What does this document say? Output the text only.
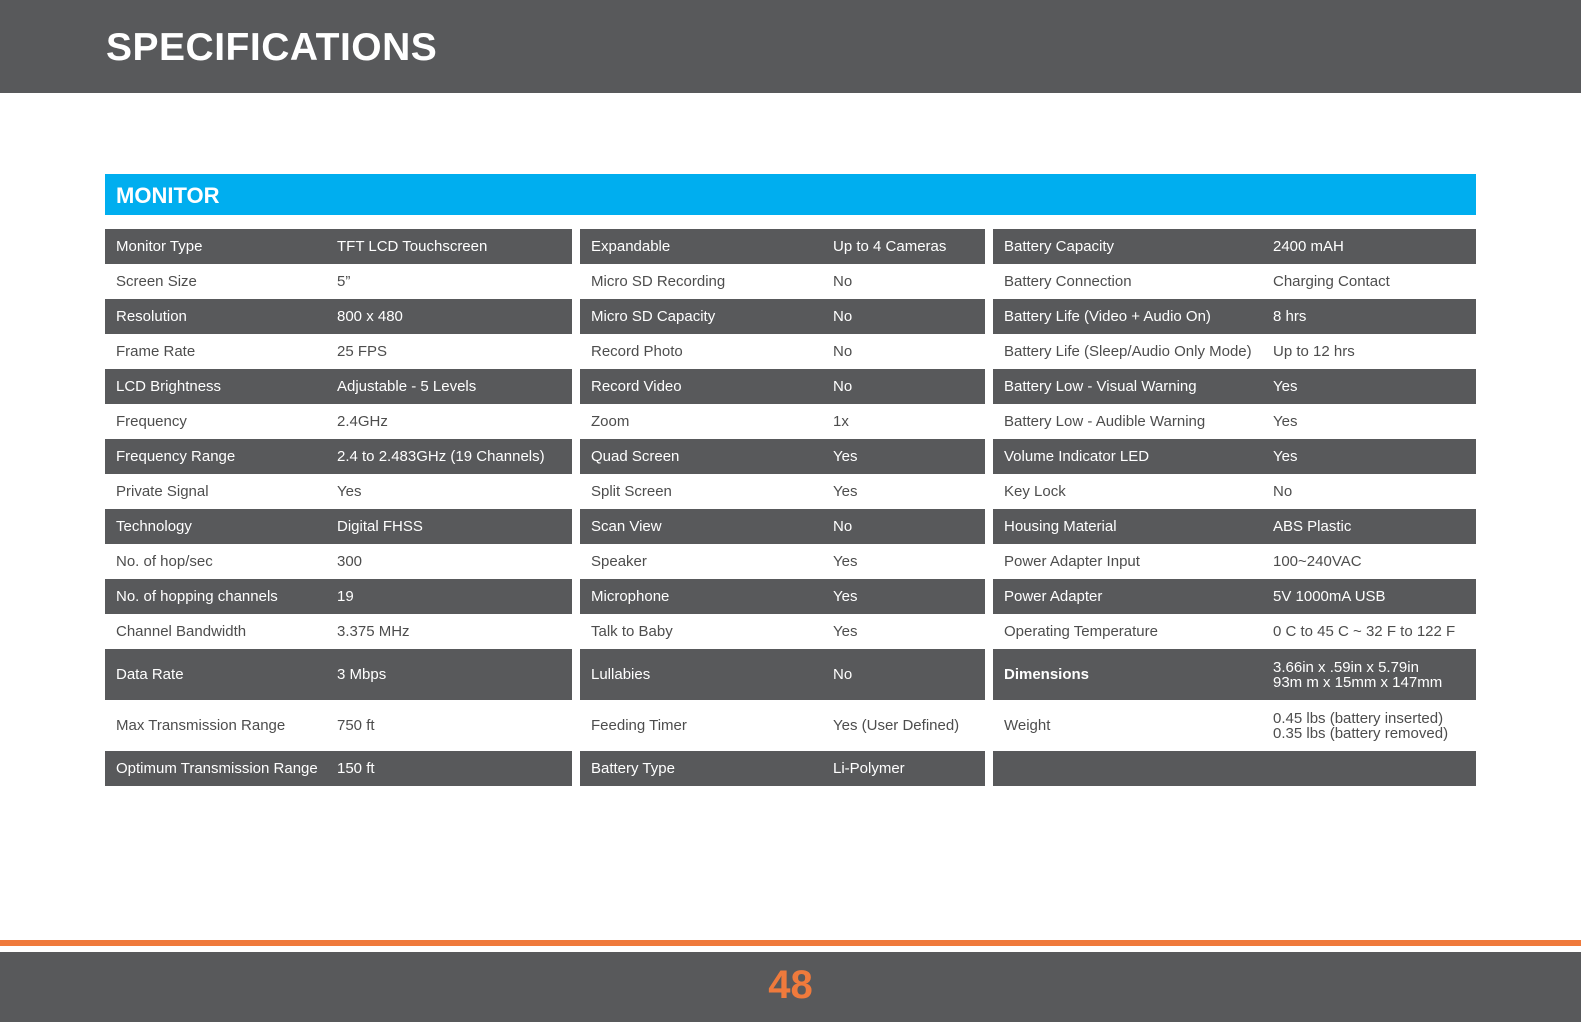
SPECIFICATIONS
MONITOR
Monitor Type	TFT LCD Touchscreen
Screen Size	5”
Resolution	800 x 480
Frame Rate	25 FPS
LCD Brightness	Adjustable - 5 Levels
Frequency	2.4GHz
Frequency Range	2.4 to 2.483GHz (19 Channels)
Private Signal	Yes
Technology	Digital FHSS
No. of hop/sec	300
No. of hopping channels	19
Channel Bandwidth	3.375 MHz
Data Rate	3 Mbps
Max Transmission Range	750 ft
Optimum Transmission Range 150 ft
Expandable	Up to 4 Cameras
Micro SD Recording	No
Micro SD Capacity	No
Record Photo	No
Record Video	No
Zoom	1x
Quad Screen	Yes
Split Screen	Yes
Scan View	No
Speaker	Yes
Microphone	Yes
Talk to Baby	Yes
Lullabies	No
Feeding Timer	Yes (User Defined)
Battery Type	Li-Polymer
Battery Capacity	2400 mAH
Battery Connection	Charging Contact
Battery Life (Video + Audio On)	8 hrs
Battery Life (Sleep/Audio Only Mode) Up to 12 hrs
Battery Low - Visual Warning	Yes
Battery Low - Audible Warning	Yes
Volume Indicator LED	Yes
Key Lock	No
Housing Material	ABS Plastic
Power Adapter Input	100~240VAC
Power Adapter	5V 1000mA USB
Operating Temperature	0 C to 45 C ~ 32 F to 122 F
Dimensions	3.66in x .59in x 5.79in
93m m x 15mm x 147mm
Weight	0.45 lbs (battery inserted)
0.35 lbs (battery removed)
48
